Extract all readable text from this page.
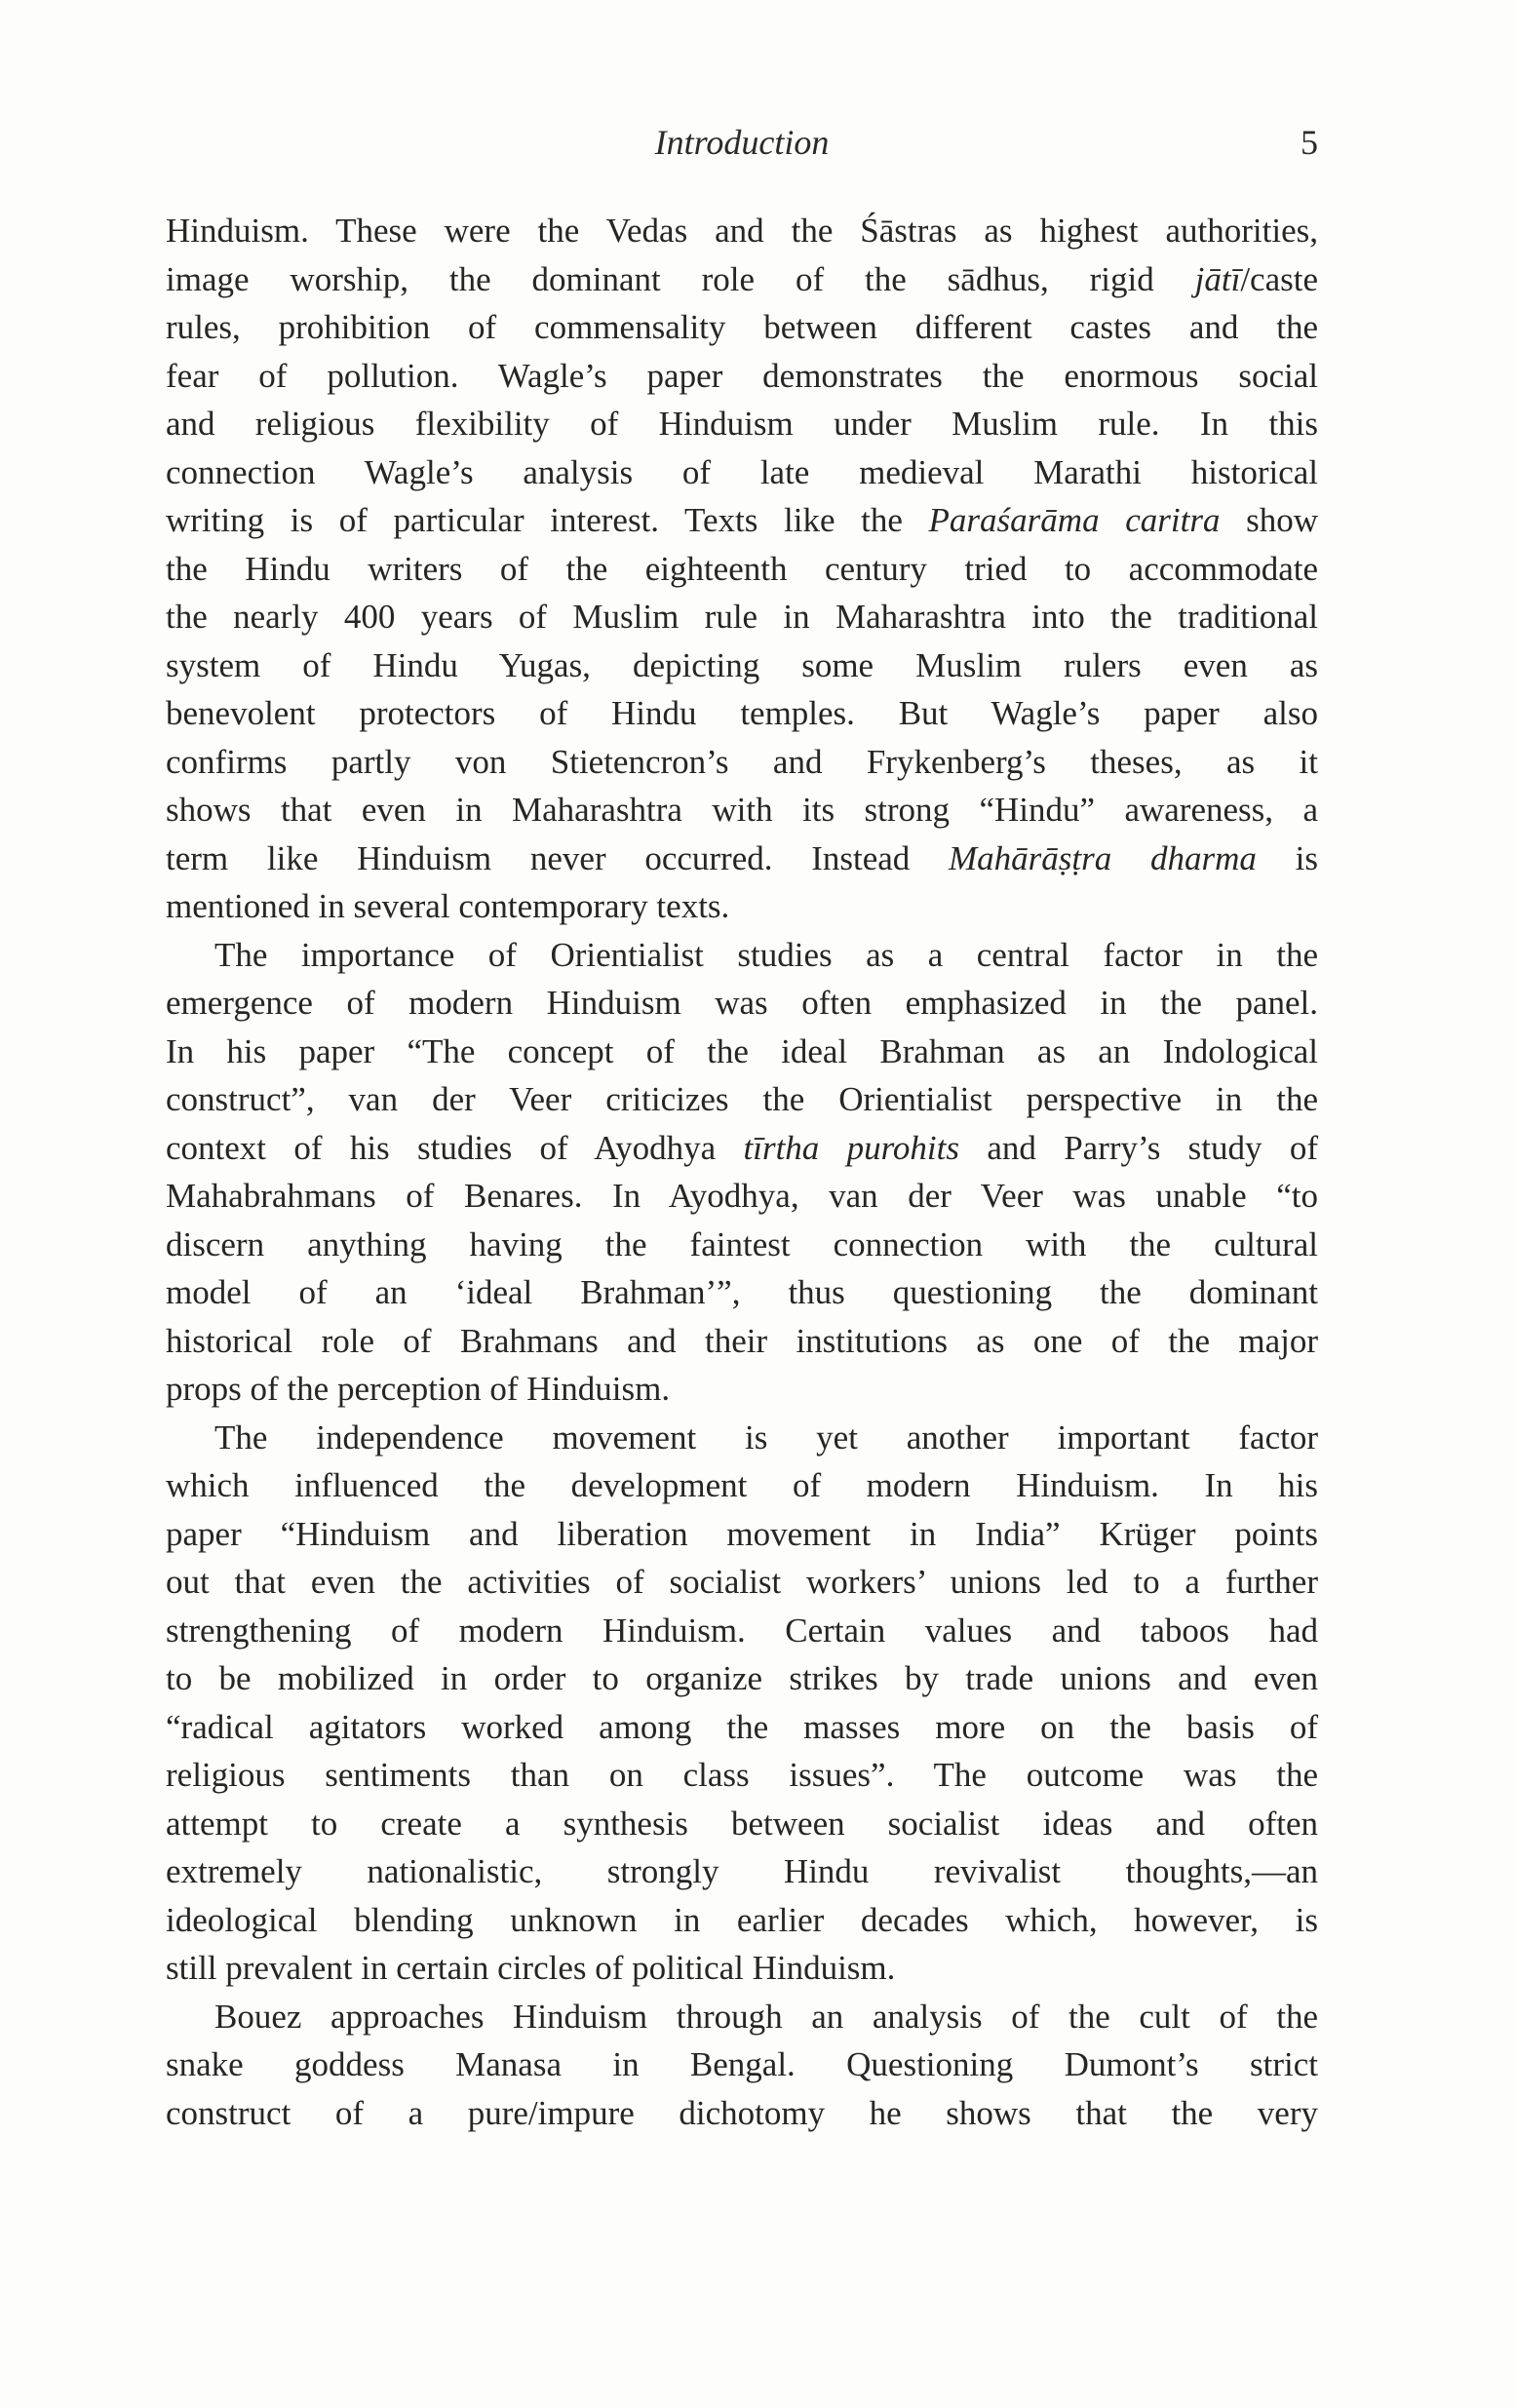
Introduction	5
Hinduism. These were the Vedas and the Śāstras as highest authorities,
image worship, the dominant role of the sādhus, rigid jātī/caste
rules, prohibition of commensality between different castes and the
fear of pollution. Wagle’s paper demonstrates the enormous social
and religious flexibility of Hinduism under Muslim rule. In this
connection Wagle’s analysis of late medieval Marathi historical
writing is of particular interest. Texts like the Paraśarāma caritra show
the Hindu writers of the eighteenth century tried to accommodate
the nearly 400 years of Muslim rule in Maharashtra into the traditional
system of Hindu Yugas, depicting some Muslim rulers even as
benevolent protectors of Hindu temples. But Wagle’s paper also
confirms partly von Stietencron’s and Frykenberg’s theses, as it
shows that even in Maharashtra with its strong “Hindu” awareness, a
term like Hinduism never occurred. Instead Mahārāṣṭra dharma is
mentioned in several contemporary texts.
The importance of Orientialist studies as a central factor in the
emergence of modern Hinduism was often emphasized in the panel.
In his paper “The concept of the ideal Brahman as an Indological
construct”, van der Veer criticizes the Orientialist perspective in the
context of his studies of Ayodhya tīrtha purohits and Parry’s study of
Mahabrahmans of Benares. In Ayodhya, van der Veer was unable “to
discern anything having the faintest connection with the cultural
model of an ‘ideal Brahman’”, thus questioning the dominant
historical role of Brahmans and their institutions as one of the major
props of the perception of Hinduism.
The independence movement is yet another important factor
which influenced the development of modern Hinduism. In his
paper “Hinduism and liberation movement in India” Krüger points
out that even the activities of socialist workers’ unions led to a further
strengthening of modern Hinduism. Certain values and taboos had
to be mobilized in order to organize strikes by trade unions and even
“radical agitators worked among the masses more on the basis of
religious sentiments than on class issues”. The outcome was the
attempt to create a synthesis between socialist ideas and often
extremely nationalistic, strongly Hindu revivalist thoughts,—an
ideological blending unknown in earlier decades which, however, is
still prevalent in certain circles of political Hinduism.
Bouez approaches Hinduism through an analysis of the cult of the
snake goddess Manasa in Bengal. Questioning Dumont’s strict
construct of a pure/impure dichotomy he shows that the very
